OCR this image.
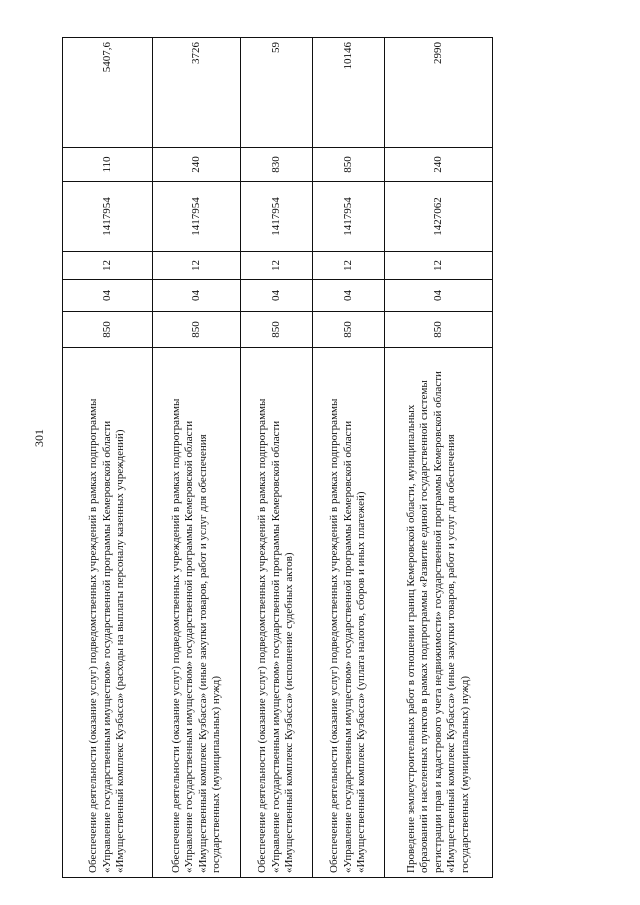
301	Обеспечение деятельности (оказание услуг) подведомственных учреждений в рамках подпрограммы «Управление государственным имуществом» государственной программы Кемеровской области «Имущественный комплекс Кузбасса» (расходы на выплаты персоналу казенных учреждений)	850	04	12	1417954	110	5407,6
Обеспечение деятельности (оказание услуг) подведомственных учреждений в рамках подпрограммы «Управление государственным имуществом» государственной программы Кемеровской области «Имущественный комплекс Кузбасса» (иные закупки товаров, работ и услуг для обеспечения государственных (муниципальных) нужд)	850	04	12	1417954	240	3726
Обеспечение деятельности (оказание услуг) подведомственных учреждений в рамках подпрограммы «Управление государственным имуществом» государственной программы Кемеровской области «Имущественный комплекс Кузбасса» (исполнение судебных актов)	850	04	12	1417954	830	59
Обеспечение деятельности (оказание услуг) подведомственных учреждений в рамках подпрограммы «Управление государственным имуществом» государственной программы Кемеровской области «Имущественный комплекс Кузбасса» (уплата налогов, сборов и иных платежей)	850	04	12	1417954	850	10146
Проведение землеустроительных работ в отношении границ Кемеровской области, муниципальных образований и населенных пунктов в рамках подпрограммы «Развитие единой государственной системы регистрации прав и кадастрового учета недвижимости» государственной программы Кемеровской области «Имущественный комплекс Кузбасса» (иные закупки товаров, работ и услуг для обеспечения государственных (муниципальных) нужд)	850	04	12	1427062	240	2990
